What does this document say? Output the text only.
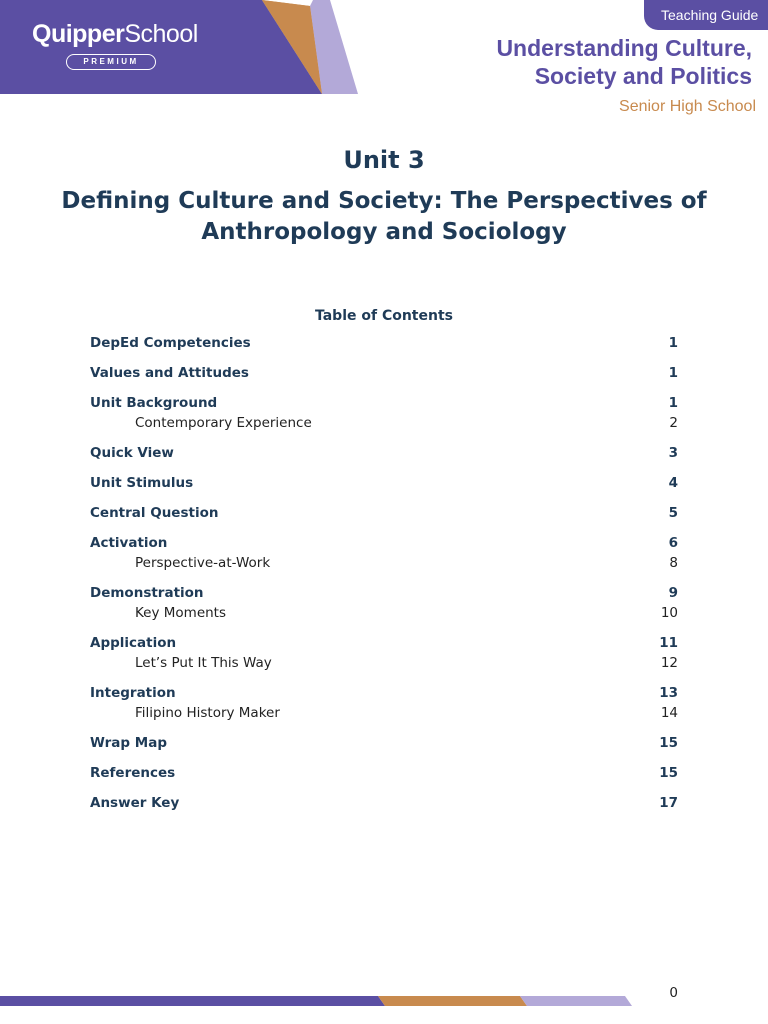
QuipperSchool
PREMIUM
Teaching Guide
Understanding Culture,
Society and Politics
Senior High School
Unit 3
Defining Culture and Society: The Perspectives of Anthropology and Sociology
Table of Contents
DepEd Competencies	1
Values and Attitudes	1
Unit Background	1
Contemporary Experience	2
Quick View	3
Unit Stimulus	4
Central Question	5
Activation	6
Perspective-at-Work	8
Demonstration	9
Key Moments	10
Application	11
Let’s Put It This Way	12
Integration	13
Filipino History Maker	14
Wrap Map	15
References	15
Answer Key	17
0
